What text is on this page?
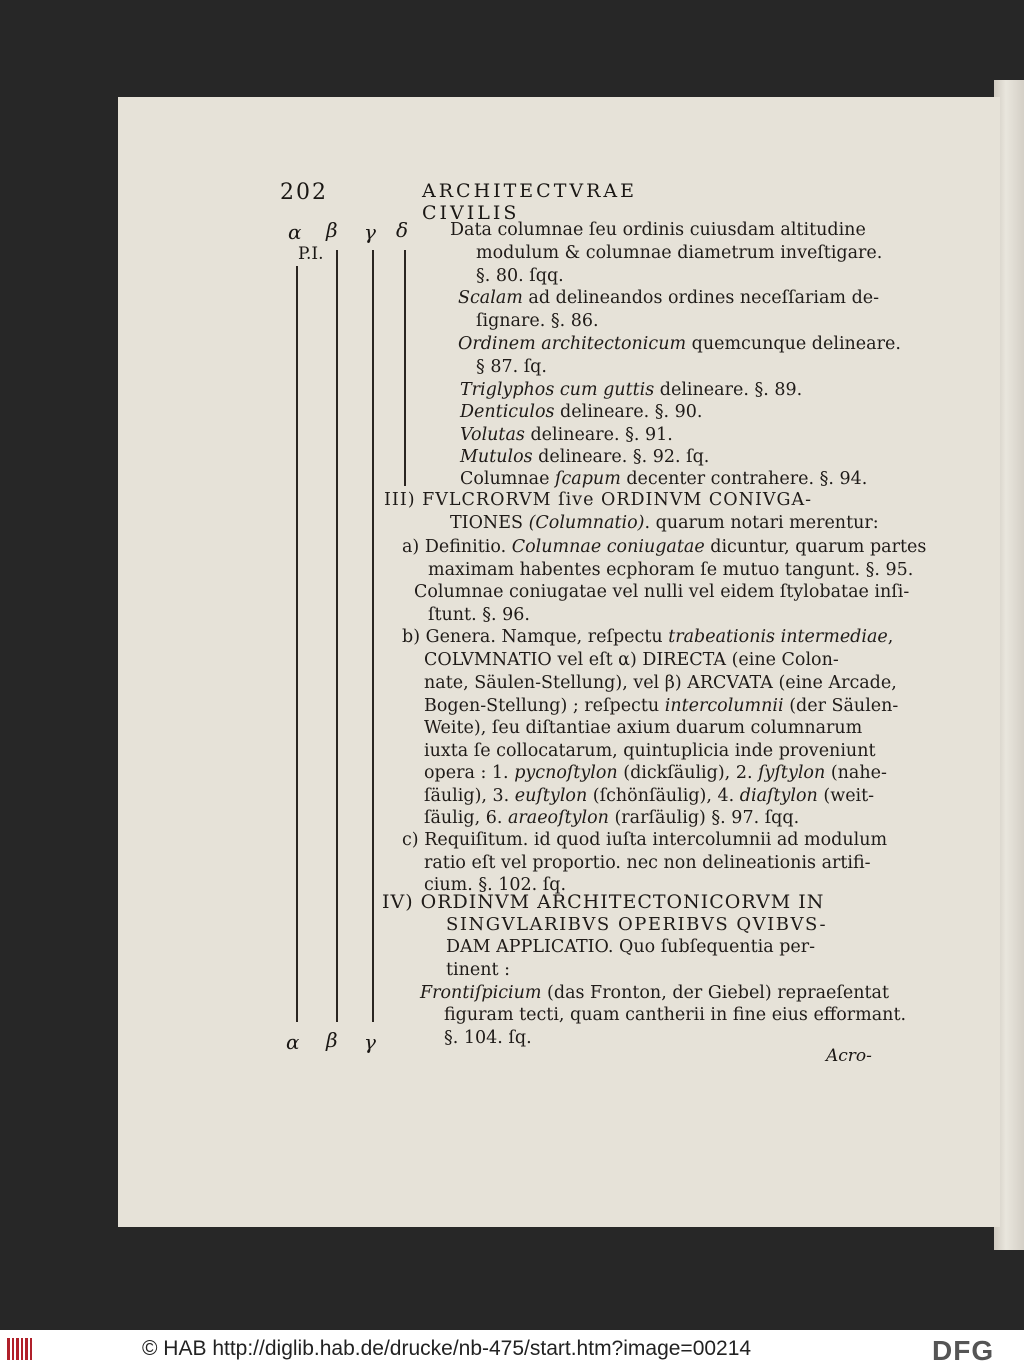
202	ARCHITECTVRAE CIVILIS
α β γ δ
P.I.
α β γ
Data columnae ſeu ordinis cuiusdam altitudine
modulum & columnae diametrum inveſtigare.
§. 80. ſqq.
Scalam ad delineandos ordines neceſſariam de-
ſignare. §. 86.
Ordinem architectonicum quemcunque delineare.
§ 87. ſq.
Triglyphos cum guttis delineare. §. 89.
Denticulos delineare. §. 90.
Volutas delineare. §. 91.
Mutulos delineare. §. 92. ſq.
Columnae ſcapum decenter contrahere. §. 94.
III) FVLCRORVM ſive ORDINVM CONIVGA-
TIONES (Columnatio). quarum notari merentur:
a) Definitio. Columnae coniugatae dicuntur, quarum partes
maximam habentes ecphoram ſe mutuo tangunt. §. 95.
Columnae coniugatae vel nulli vel eidem ſtylobatae inſi-
ſtunt. §. 96.
b) Genera. Namque, reſpectu trabeationis intermediae,
COLVMNATIO vel eſt α) DIRECTA (eine Colon-
nate, Säulen-Stellung), vel β) ARCVATA (eine Arcade,
Bogen-Stellung) ; reſpectu intercolumnii (der Säulen-
Weite), ſeu diſtantiae axium duarum columnarum
iuxta ſe collocatarum, quintuplicia inde proveniunt
opera : 1. pycnoſtylon (dickſäulig), 2. ſyſtylon (nahe-
ſäulig), 3. euſtylon (ſchönſäulig), 4. diaſtylon (weit-
ſäulig, 6. araeoſtylon (rarſäulig) §. 97. ſqq.
c) Requiſitum. id quod iuſta intercolumnii ad modulum
ratio eſt vel proportio. nec non delineationis artifi-
cium. §. 102. ſq.
IV) ORDINVM ARCHITECTONICORVM IN
SINGVLARIBVS OPERIBVS QVIBVS-
DAM APPLICATIO. Quo ſubſequentia per-
tinent :
Frontiſpicium (das Fronton, der Giebel) repraeſentat
figuram tecti, quam cantherii in fine eius efformant.
§. 104. ſq.
Acro-
© HAB http://diglib.hab.de/drucke/nb-475/start.htm?image=00214	DFG
